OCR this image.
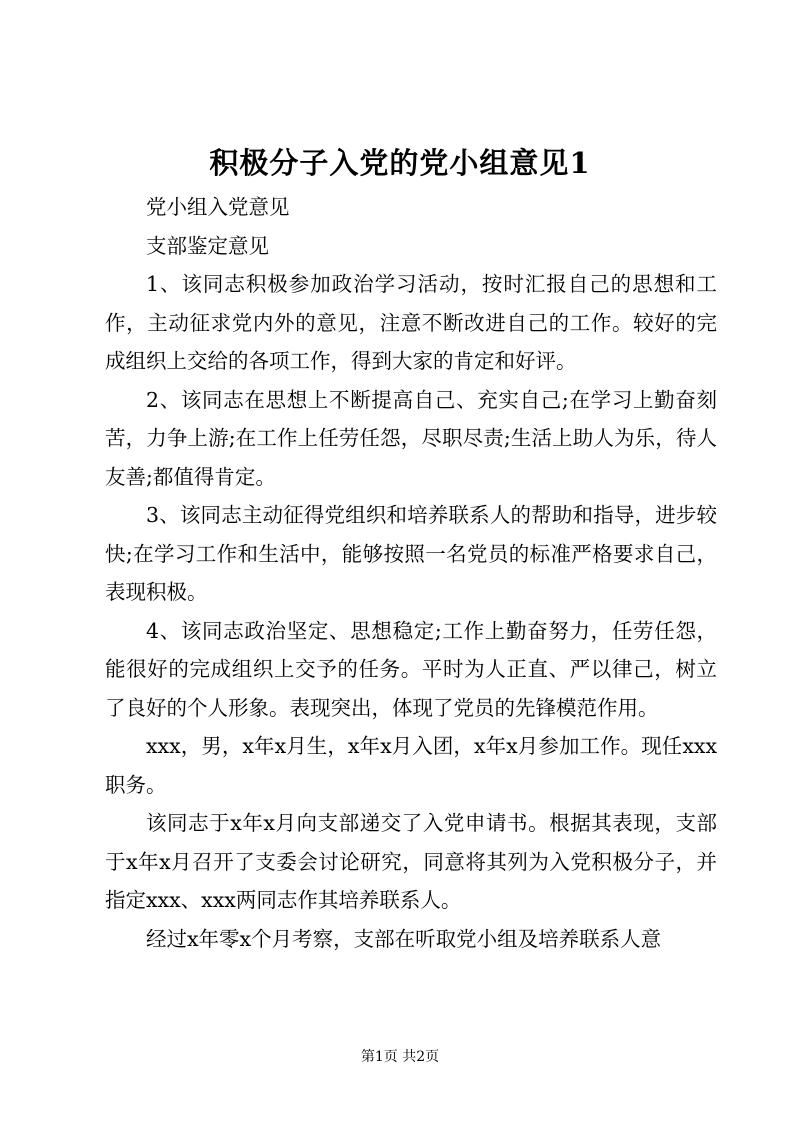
积极分子入党的党小组意见1

党小组入党意见

支部鉴定意见

1、该同志积极参加政治学习活动，按时汇报自己的思想和工作，主动征求党内外的意见，注意不断改进自己的工作。较好的完成组织上交给的各项工作，得到大家的肯定和好评。

2、该同志在思想上不断提高自己、充实自己;在学习上勤奋刻苦，力争上游;在工作上任劳任怨，尽职尽责;生活上助人为乐，待人友善;都值得肯定。

3、该同志主动征得党组织和培养联系人的帮助和指导，进步较快;在学习工作和生活中，能够按照一名党员的标准严格要求自己，表现积极。

4、该同志政治坚定、思想稳定;工作上勤奋努力，任劳任怨，能很好的完成组织上交予的任务。平时为人正直、严以律己，树立了良好的个人形象。表现突出，体现了党员的先锋模范作用。

xxx，男，x年x月生，x年x月入团，x年x月参加工作。现任xxx职务。

该同志于x年x月向支部递交了入党申请书。根据其表现，支部于x年x月召开了支委会讨论研究，同意将其列为入党积极分子，并指定xxx、xxx两同志作其培养联系人。

经过x年零x个月考察，支部在听取党小组及培养联系人意

第1页 共2页
